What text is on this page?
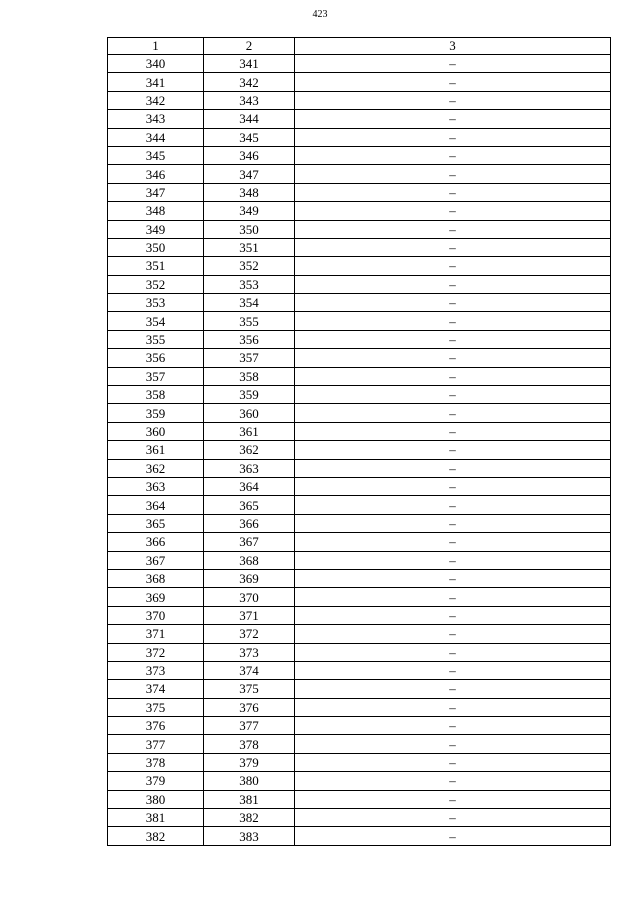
423
1	2	3
340	341	–
341	342	–
342	343	–
343	344	–
344	345	–
345	346	–
346	347	–
347	348	–
348	349	–
349	350	–
350	351	–
351	352	–
352	353	–
353	354	–
354	355	–
355	356	–
356	357	–
357	358	–
358	359	–
359	360	–
360	361	–
361	362	–
362	363	–
363	364	–
364	365	–
365	366	–
366	367	–
367	368	–
368	369	–
369	370	–
370	371	–
371	372	–
372	373	–
373	374	–
374	375	–
375	376	–
376	377	–
377	378	–
378	379	–
379	380	–
380	381	–
381	382	–
382	383	–
